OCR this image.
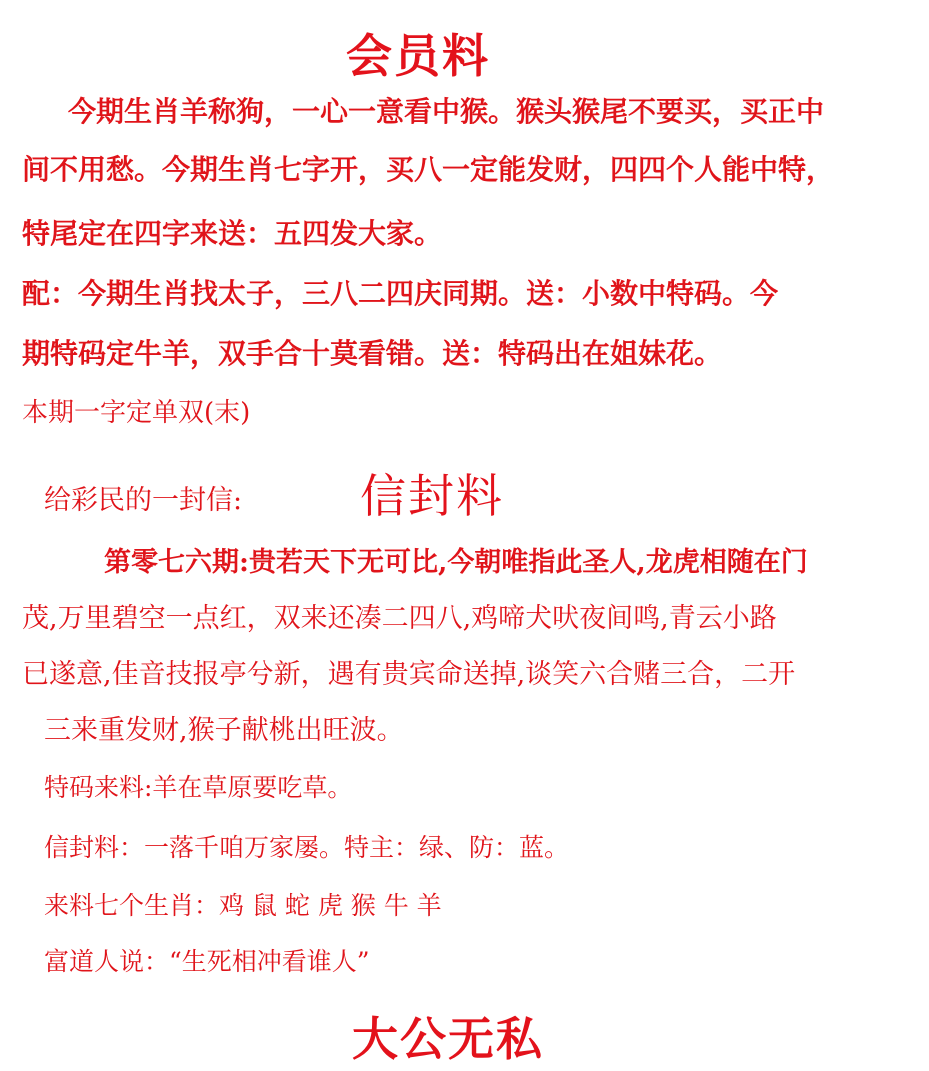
会员料
今期生肖羊称狗，一心一意看中猴。猴头猴尾不要买，买正中
间不用愁。今期生肖七字开，买八一定能发财，四四个人能中特，
特尾定在四字来送：五四发大家。
配：今期生肖找太子，三八二四庆同期。送：小数中特码。今
期特码定牛羊，双手合十莫看错。送：特码出在姐妹花。
本期一字定单双(末)
给彩民的一封信:	信封料
第零七六期:贵若天下无可比,今朝唯指此圣人,龙虎相随在门
茂,万里碧空一点红，双来还凑二四八,鸡啼犬吠夜间鸣,青云小路
已遂意,佳音技报亭兮新，遇有贵宾命送掉,谈笑六合赌三合，二开
三来重发财,猴子献桃出旺波。
特码来料:羊在草原要吃草。
信封料：一落千咱万家屡。特主：绿、防：蓝。
来料七个生肖：鸡 鼠 蛇 虎 猴 牛 羊
富道人说：“生死相冲看谁人”
大公无私
